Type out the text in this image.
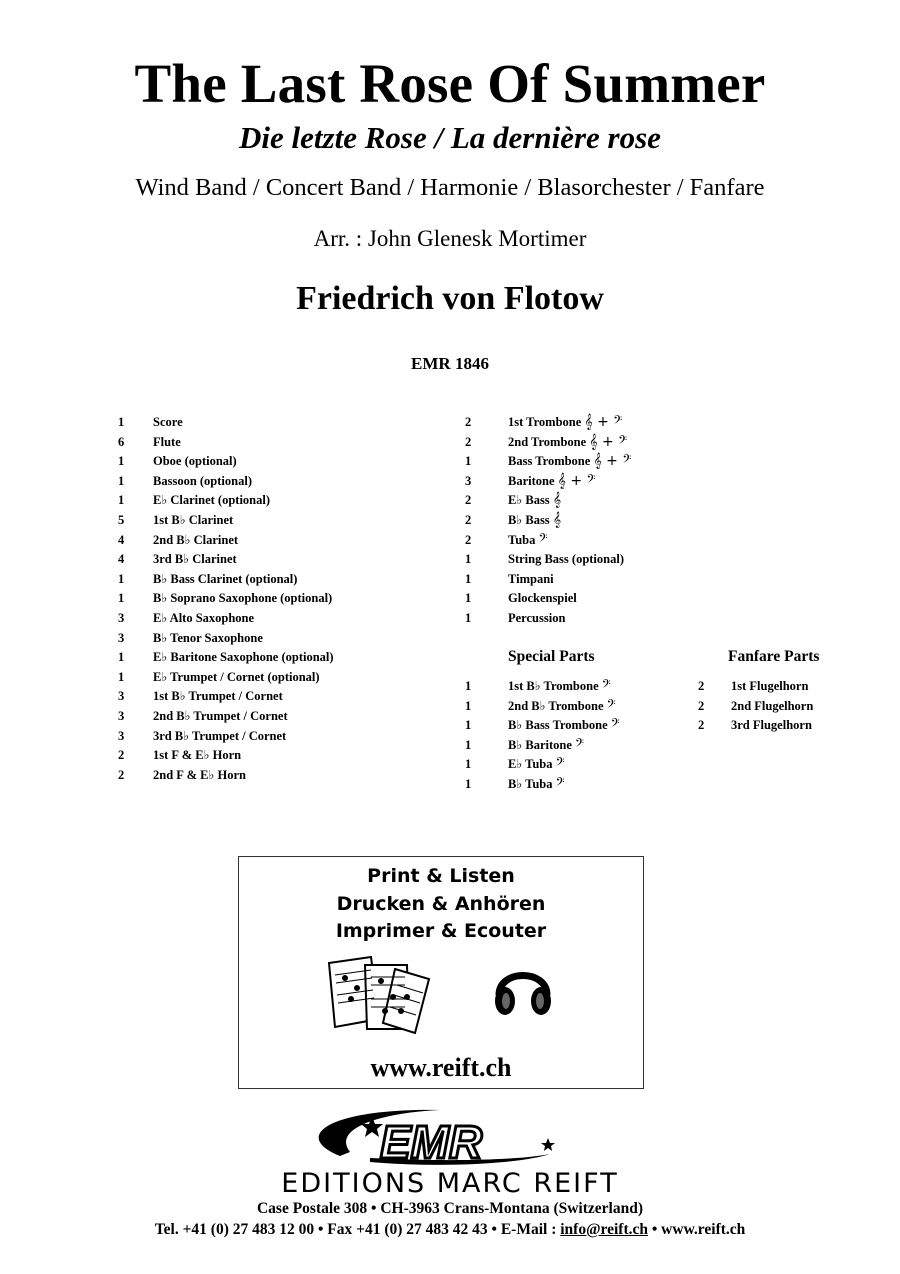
The Last Rose Of Summer
Die letzte Rose / La dernière rose
Wind Band / Concert Band / Harmonie / Blasorchester / Fanfare
Arr. : John Glenesk Mortimer
Friedrich von Flotow
EMR 1846
1 Score
6 Flute
1 Oboe (optional)
1 Bassoon (optional)
1 E♭ Clarinet (optional)
5 1st B♭ Clarinet
4 2nd B♭ Clarinet
4 3rd B♭ Clarinet
1 B♭ Bass Clarinet (optional)
1 B♭ Soprano Saxophone (optional)
3 E♭ Alto Saxophone
3 B♭ Tenor Saxophone
1 E♭ Baritone Saxophone (optional)
1 E♭ Trumpet / Cornet (optional)
3 1st B♭ Trumpet / Cornet
3 2nd B♭ Trumpet / Cornet
3 3rd B♭ Trumpet / Cornet
2 1st F & E♭ Horn
2 2nd F & E♭ Horn
2	1st Trombone 𝄞 + 𝄢
2	2nd Trombone 𝄞 + 𝄢
1	Bass Trombone 𝄞 + 𝄢
3	Baritone 𝄞 + 𝄢
2	E♭ Bass 𝄞
2	B♭ Bass 𝄞
2	Tuba 𝄢
1	String Bass (optional)
1	Timpani
1	Glockenspiel
1	Percussion
Special Parts	Fanfare Parts
1	1st B♭ Trombone 𝄢
1	2nd B♭ Trombone 𝄢
1	B♭ Bass Trombone 𝄢
1	B♭ Baritone 𝄢
1	E♭ Tuba 𝄢
1	B♭ Tuba 𝄢
2 1st Flugelhorn
2 2nd Flugelhorn
2 3rd Flugelhorn
Print & Listen
Drucken & Anhören
Imprimer & Ecouter
www.reift.ch
EMR
EDITIONS MARC REIFT
Case Postale 308 • CH-3963 Crans-Montana (Switzerland)
Tel. +41 (0) 27 483 12 00 • Fax +41 (0) 27 483 42 43 • E-Mail : info@reift.ch • www.reift.ch
